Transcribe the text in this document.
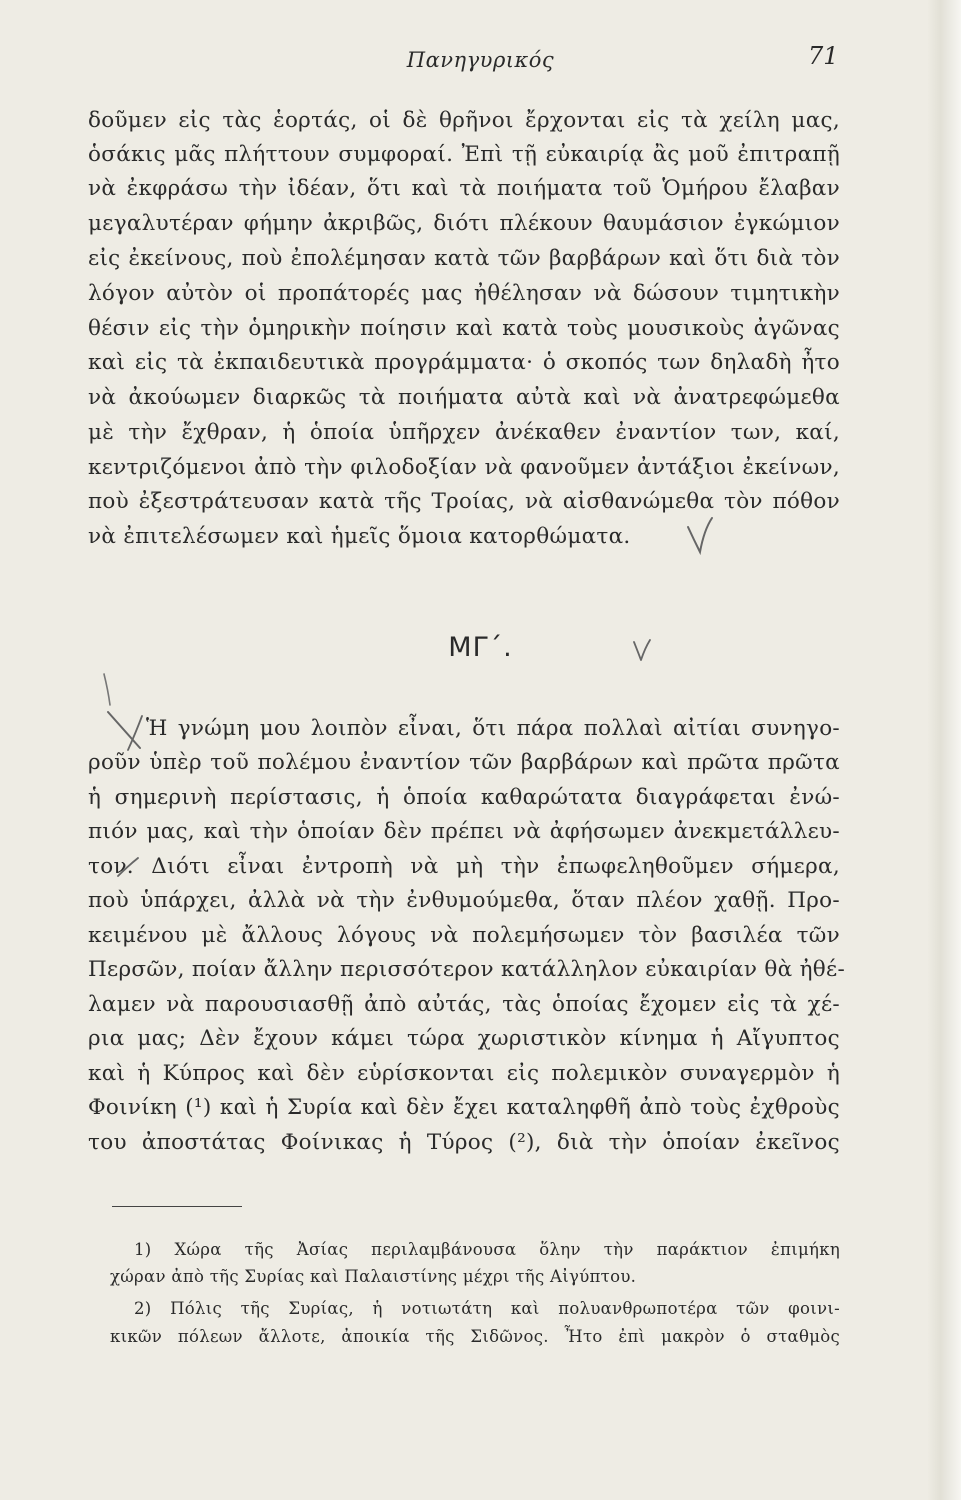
Πανηγυρικός	71
δοῦμεν εἰς τὰς ἑορτάς, οἱ δὲ θρῆνοι ἔρχονται εἰς τὰ χείλη μας,
ὁσάκις μᾶς πλήττουν συμφοραί. Ἐπὶ τῇ εὐκαιρίᾳ ἂς μοῦ ἐπιτραπῇ
νὰ ἐκφράσω τὴν ἰδέαν, ὅτι καὶ τὰ ποιήματα τοῦ Ὁμήρου ἔλαβαν
μεγαλυτέραν φήμην ἀκριβῶς, διότι πλέκουν θαυμάσιον ἐγκώμιον
εἰς ἐκείνους, ποὺ ἐπολέμησαν κατὰ τῶν βαρβάρων καὶ ὅτι διὰ τὸν
λόγον αὐτὸν οἱ προπάτορές μας ἠθέλησαν νὰ δώσουν τιμητικὴν
θέσιν εἰς τὴν ὁμηρικὴν ποίησιν καὶ κατὰ τοὺς μουσικοὺς ἀγῶνας
καὶ εἰς τὰ ἐκπαιδευτικὰ προγράμματα· ὁ σκοπός των δηλαδὴ ἦτο
νὰ ἀκούωμεν διαρκῶς τὰ ποιήματα αὐτὰ καὶ νὰ ἀνατρεφώμεθα
μὲ τὴν ἔχθραν, ἡ ὁποία ὑπῆρχεν ἀνέκαθεν ἐναντίον των, καί,
κεντριζόμενοι ἀπὸ τὴν φιλοδοξίαν νὰ φανοῦμεν ἀντάξιοι ἐκείνων,
ποὺ ἐξεστράτευσαν κατὰ τῆς Τροίας, νὰ αἰσθανώμεθα τὸν πόθον
νὰ ἐπιτελέσωμεν καὶ ἡμεῖς ὅμοια κατορθώματα.
ΜΓ΄.
Ἡ γνώμη μου λοιπὸν εἶναι, ὅτι πάρα πολλαὶ αἰτίαι συνηγο-
ροῦν ὑπὲρ τοῦ πολέμου ἐναντίον τῶν βαρβάρων καὶ πρῶτα πρῶτα
ἡ σημερινὴ περίστασις, ἡ ὁποία καθαρώτατα διαγράφεται ἐνώ-
πιόν μας, καὶ τὴν ὁποίαν δὲν πρέπει νὰ ἀφήσωμεν ἀνεκμετάλλευ-
τον. Διότι εἶναι ἐντροπὴ νὰ μὴ τὴν ἐπωφεληθοῦμεν σήμερα,
ποὺ ὑπάρχει, ἀλλὰ νὰ τὴν ἐνθυμούμεθα, ὅταν πλέον χαθῇ. Προ-
κειμένου μὲ ἄλλους λόγους νὰ πολεμήσωμεν τὸν βασιλέα τῶν
Περσῶν, ποίαν ἄλλην περισσότερον κατάλληλον εὐκαιρίαν θὰ ἠθέ-
λαμεν νὰ παρουσιασθῇ ἀπὸ αὐτάς, τὰς ὁποίας ἔχομεν εἰς τὰ χέ-
ρια μας; Δὲν ἔχουν κάμει τώρα χωριστικὸν κίνημα ἡ Αἴγυπτος
καὶ ἡ Κύπρος καὶ δὲν εὑρίσκονται εἰς πολεμικὸν συναγερμὸν ἡ
Φοινίκη (¹) καὶ ἡ Συρία καὶ δὲν ἔχει καταληφθῆ ἀπὸ τοὺς ἐχθροὺς
του ἀποστάτας Φοίνικας ἡ Τύρος (²), διὰ τὴν ὁποίαν ἐκεῖνος
1) Χώρα τῆς Ἀσίας περιλαμβάνουσα ὅλην τὴν παράκτιον ἐπιμήκη
χώραν ἀπὸ τῆς Συρίας καὶ Παλαιστίνης μέχρι τῆς Αἰγύπτου.
2) Πόλις τῆς Συρίας, ἡ νοτιωτάτη καὶ πολυανθρωποτέρα τῶν φοινι-
κικῶν πόλεων ἄλλοτε, ἀποικία τῆς Σιδῶνος. Ἦτο ἐπὶ μακρὸν ὁ σταθμὸς
